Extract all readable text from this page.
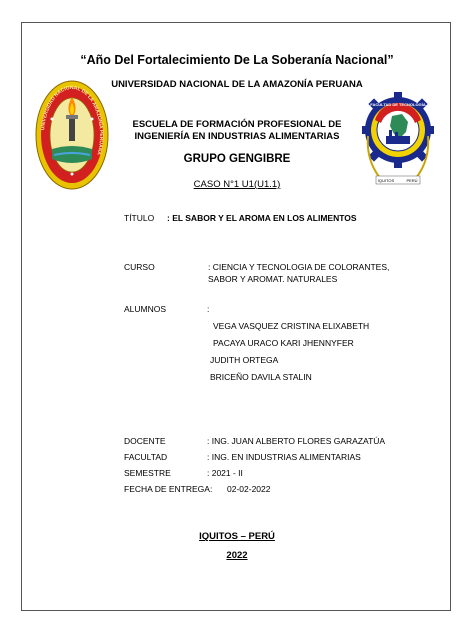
“Año Del Fortalecimiento De La Soberanía Nacional”
UNIVERSIDAD NACIONAL DE LA AMAZONÍA PERUANA
UNIVERSIDAD NACIONAL DE LA AMAZONÍA PERUANA
FACULTAD DE TECNOLOGÍA
IQUITOS	PERÚ
ESCUELA DE FORMACIÓN PROFESIONAL DE INGENIERÍA EN INDUSTRIAS ALIMENTARIAS
GRUPO GENGIBRE
CASO N°1 U1(U1.1)
TÍTULO : EL SABOR Y EL AROMA EN LOS ALIMENTOS
CURSO	: CIENCIA Y TECNOLOGIA DE COLORANTES,
SABOR Y AROMAT. NATURALES
ALUMNOS	:
VEGA VASQUEZ CRISTINA ELIXABETH
PACAYA URACO KARI JHENNYFER
JUDITH ORTEGA
BRICEÑO DAVILA STALIN
DOCENTE	: ING. JUAN ALBERTO FLORES GARAZATÚA
FACULTAD	: ING. EN INDUSTRIAS ALIMENTARIAS
SEMESTRE	: 2021 - II
FECHA DE ENTREGA: 02-02-2022
IQUITOS – PERÚ
2022
